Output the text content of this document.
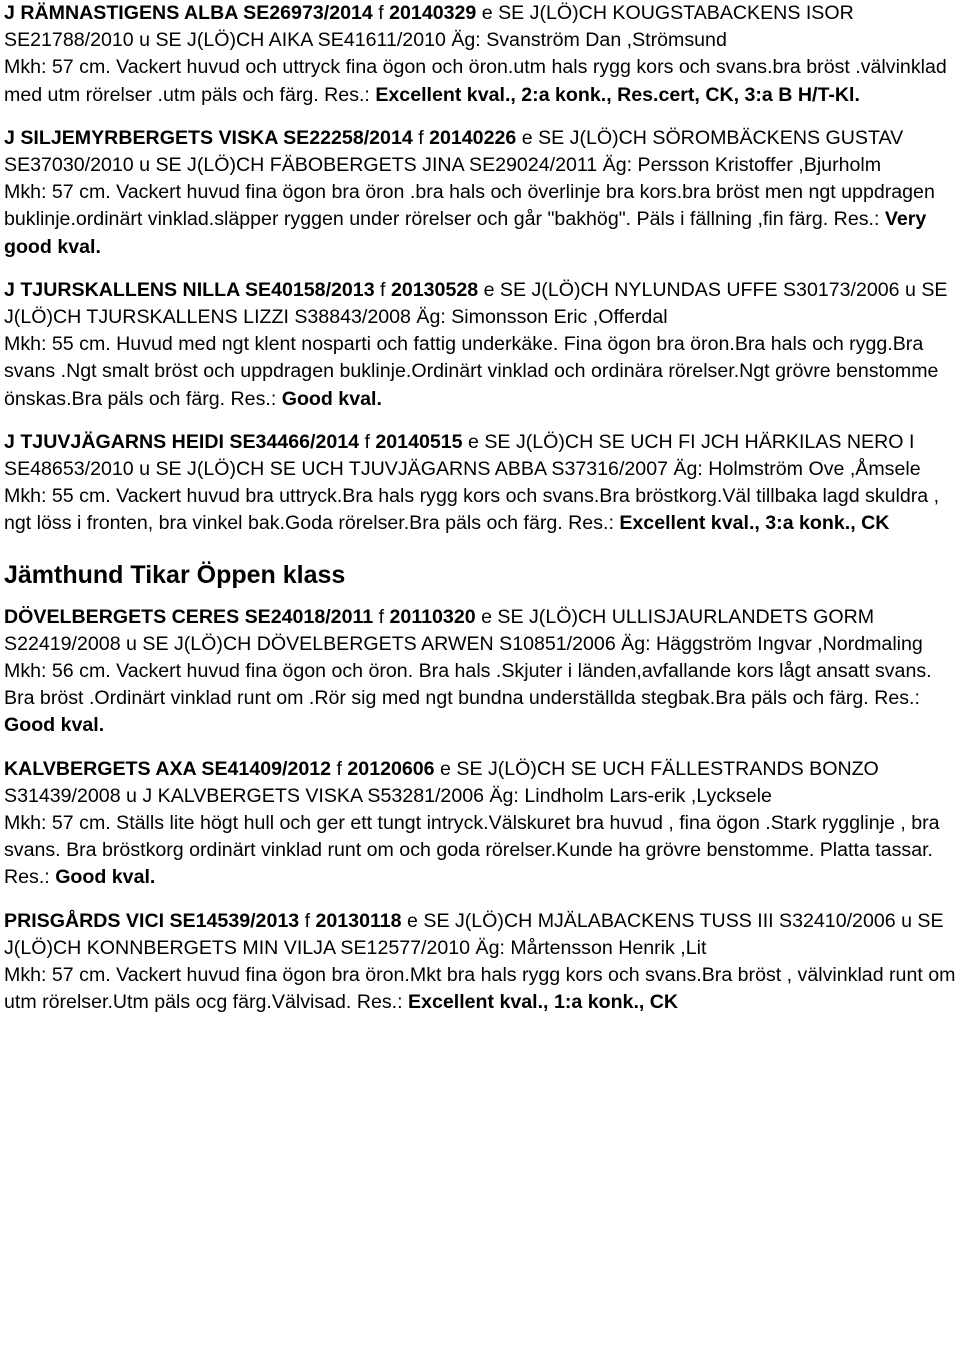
J RÄMNASTIGENS ALBA SE26973/2014 f 20140329 e SE J(LÖ)CH KOUGSTABACKENS ISOR SE21788/2010 u SE J(LÖ)CH AIKA SE41611/2010 Äg: Svanström Dan ,Strömsund
Mkh: 57 cm. Vackert huvud och uttryck fina ögon och öron.utm hals rygg kors och svans.bra bröst .välvinklad med utm rörelser .utm päls och färg. Res.: Excellent kval., 2:a konk., Res.cert, CK, 3:a B H/T-Kl.

J SILJEMYRBERGETS VISKA SE22258/2014 f 20140226 e SE J(LÖ)CH SÖROMBÄCKENS GUSTAV SE37030/2010 u SE J(LÖ)CH FÄBOBERGETS JINA SE29024/2011 Äg: Persson Kristoffer ,Bjurholm
Mkh: 57 cm. Vackert huvud fina ögon bra öron .bra hals och överlinje bra kors.bra bröst men ngt uppdragen buklinje.ordinärt vinklad.släpper ryggen under rörelser och går "bakhög". Päls i fällning ,fin färg. Res.: Very good kval.

J TJURSKALLENS NILLA SE40158/2013 f 20130528 e SE J(LÖ)CH NYLUNDAS UFFE S30173/2006 u SE J(LÖ)CH TJURSKALLENS LIZZI S38843/2008 Äg: Simonsson Eric ,Offerdal
Mkh: 55 cm. Huvud med ngt klent nosparti och fattig underkäke. Fina ögon bra öron.Bra hals och rygg.Bra svans .Ngt smalt bröst och uppdragen buklinje.Ordinärt vinklad och ordinära rörelser.Ngt grövre benstomme önskas.Bra päls och färg. Res.: Good kval.

J TJUVJÄGARNS HEIDI SE34466/2014 f 20140515 e SE J(LÖ)CH SE UCH FI JCH HÄRKILAS NERO I SE48653/2010 u SE J(LÖ)CH SE UCH TJUVJÄGARNS ABBA S37316/2007 Äg: Holmström Ove ,Åmsele
Mkh: 55 cm. Vackert huvud bra uttryck.Bra hals rygg kors och svans.Bra bröstkorg.Väl tillbaka lagd skuldra , ngt löss i fronten, bra vinkel bak.Goda rörelser.Bra päls och färg. Res.: Excellent kval., 3:a konk., CK

Jämthund Tikar Öppen klass

DÖVELBERGETS CERES SE24018/2011 f 20110320 e SE J(LÖ)CH ULLISJAURLANDETS GORM S22419/2008 u SE J(LÖ)CH DÖVELBERGETS ARWEN S10851/2006 Äg: Häggström Ingvar ,Nordmaling
Mkh: 56 cm. Vackert huvud fina ögon och öron. Bra hals .Skjuter i länden,avfallande kors lågt ansatt svans. Bra bröst .Ordinärt vinklad runt om .Rör sig med ngt bundna underställda stegbak.Bra päls och färg. Res.: Good kval.

KALVBERGETS AXA SE41409/2012 f 20120606 e SE J(LÖ)CH SE UCH FÄLLESTRANDS BONZO S31439/2008 u J KALVBERGETS VISKA S53281/2006 Äg: Lindholm Lars-erik ,Lycksele
Mkh: 57 cm. Ställs lite högt hull och ger ett tungt intryck.Välskuret bra huvud , fina ögon .Stark rygglinje , bra svans. Bra bröstkorg ordinärt vinklad runt om och goda rörelser.Kunde ha grövre benstomme. Platta tassar. Res.: Good kval.

PRISGÅRDS VICI SE14539/2013 f 20130118 e SE J(LÖ)CH MJÄLABACKENS TUSS III S32410/2006 u SE J(LÖ)CH KONNBERGETS MIN VILJA SE12577/2010 Äg: Mårtensson Henrik ,Lit
Mkh: 57 cm. Vackert huvud fina ögon bra öron.Mkt bra hals rygg kors och svans.Bra bröst , välvinklad runt om utm rörelser.Utm päls ocg färg.Välvisad. Res.: Excellent kval., 1:a konk., CK
